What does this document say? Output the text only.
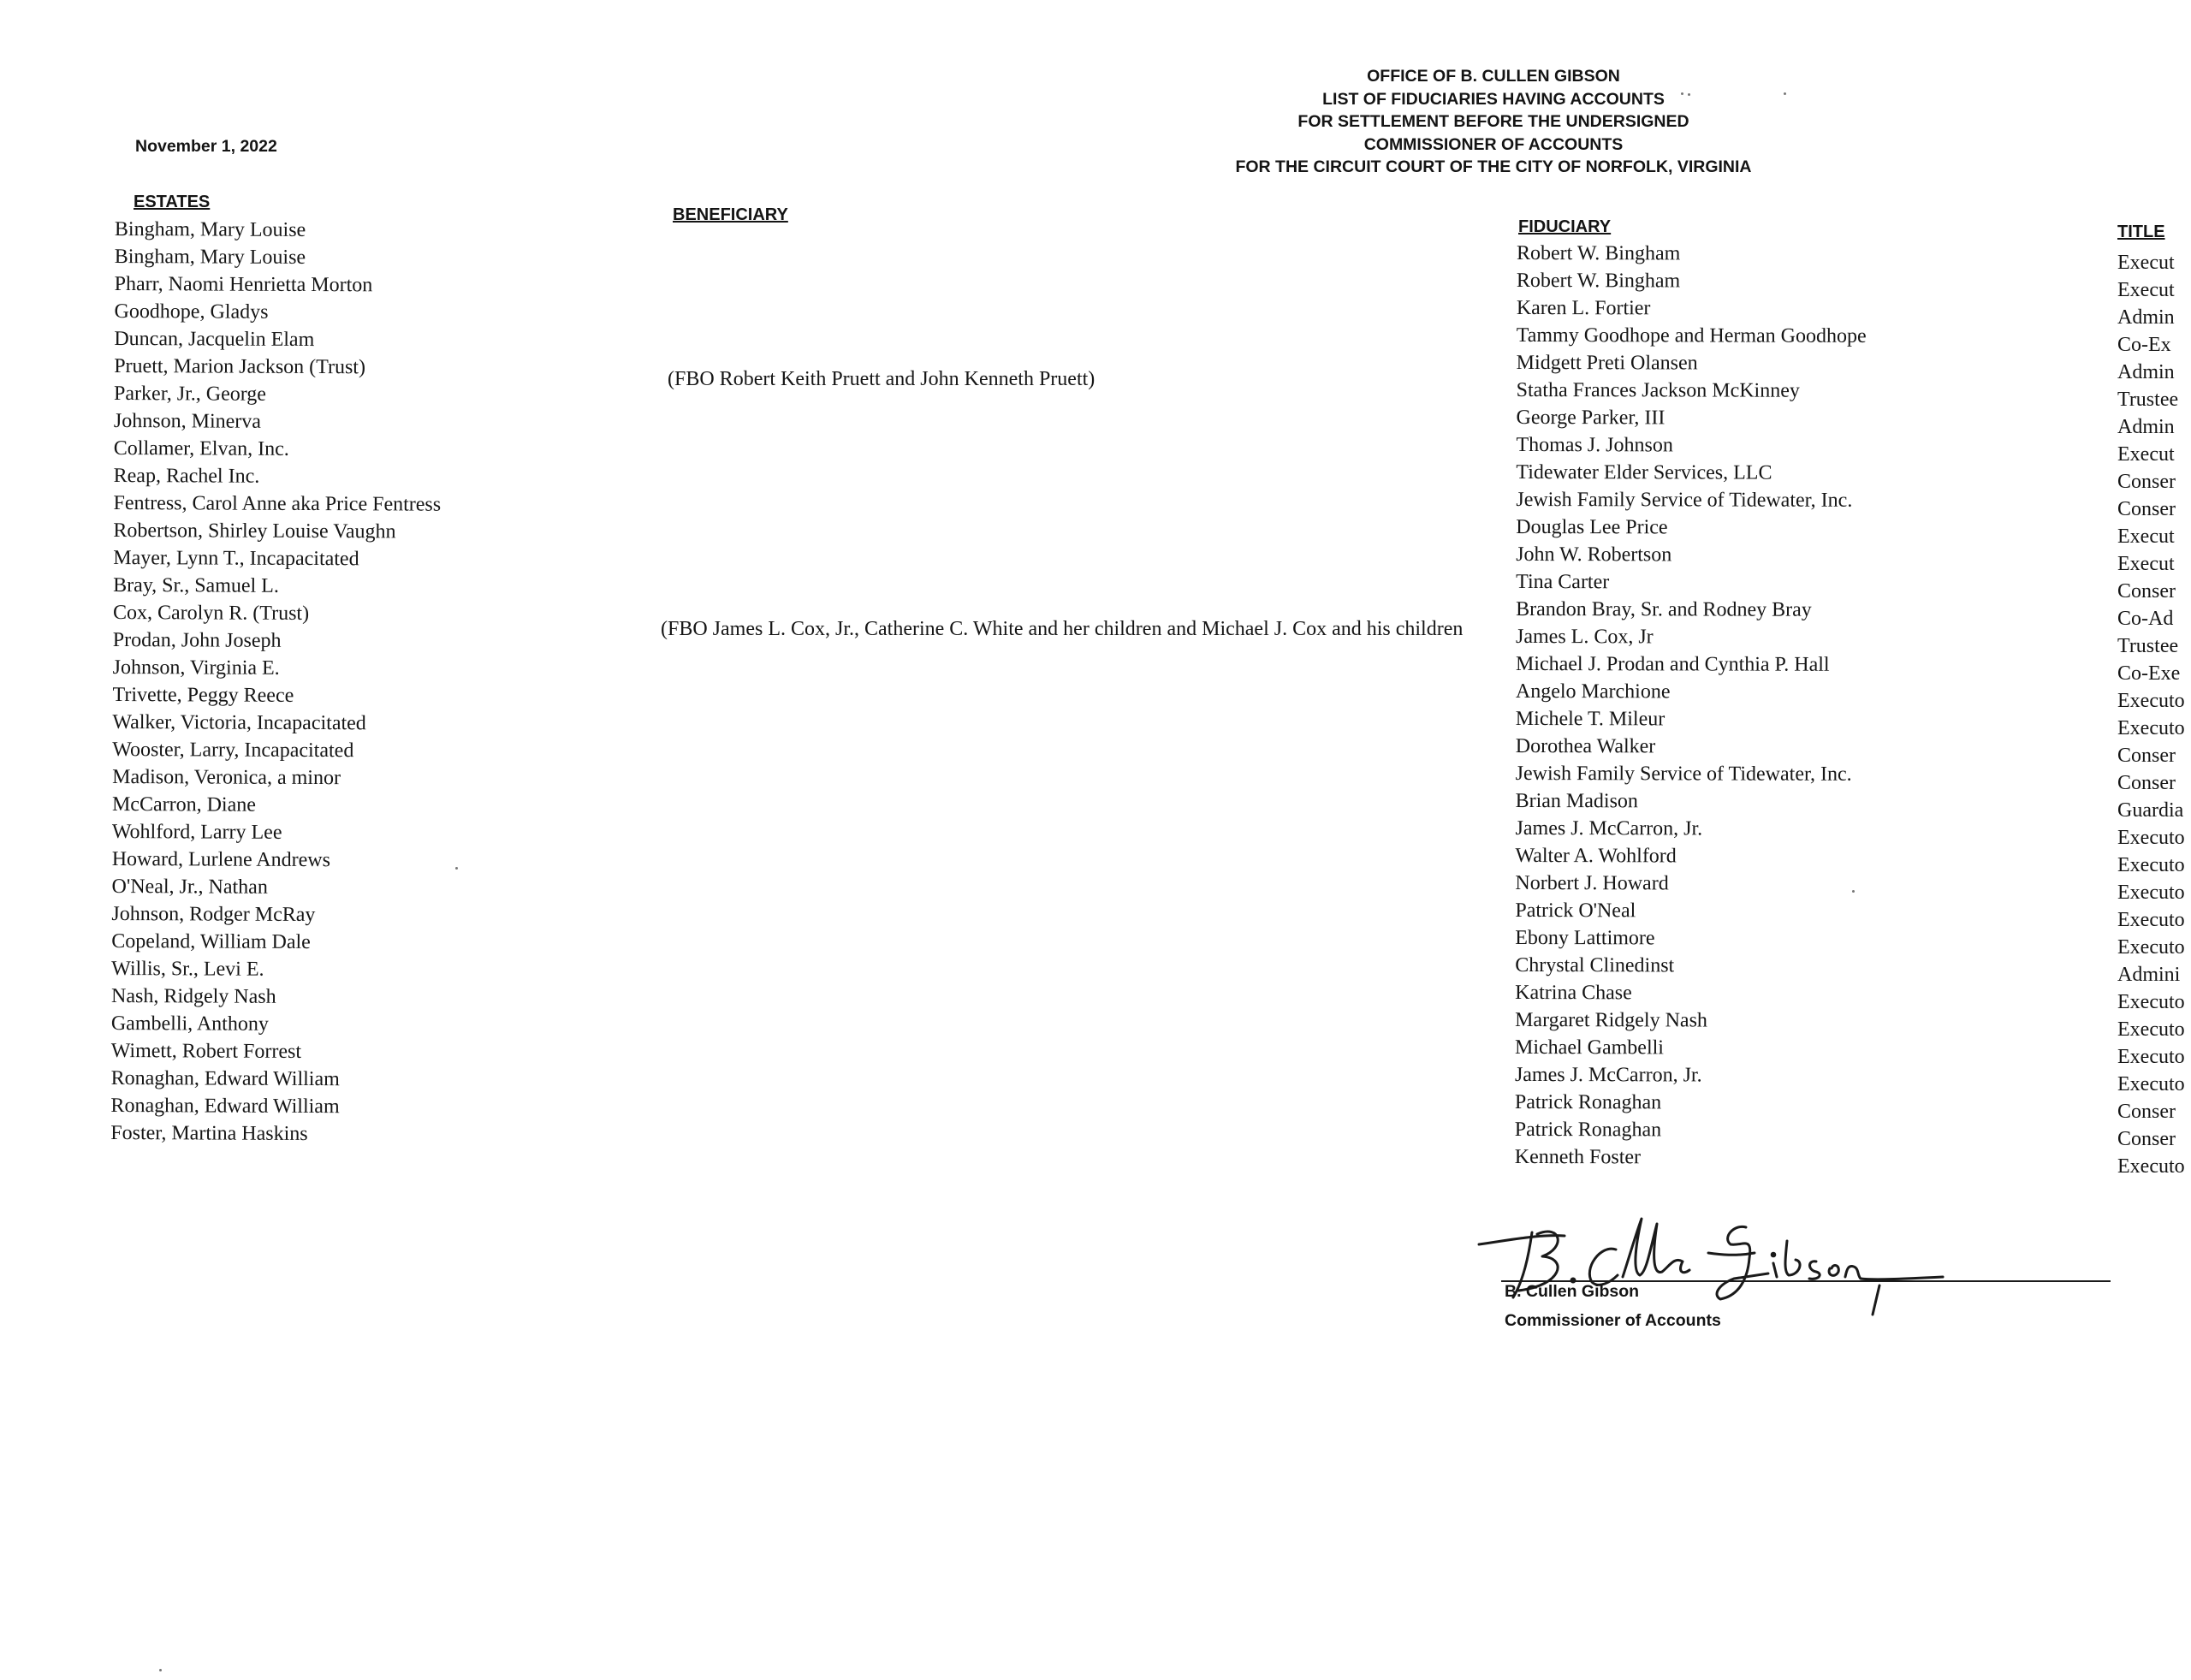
OFFICE OF B. CULLEN GIBSON
LIST OF FIDUCIARIES HAVING ACCOUNTS
FOR SETTLEMENT BEFORE THE UNDERSIGNED
COMMISSIONER OF ACCOUNTS
FOR THE CIRCUIT COURT OF THE CITY OF NORFOLK, VIRGINIA
November 1, 2022
ESTATES
BENEFICIARY
FIDUCIARY	TITLE
Bingham, Mary Louise
Bingham, Mary Louise
Pharr, Naomi Henrietta Morton
Goodhope, Gladys
Duncan, Jacquelin Elam
Pruett, Marion Jackson (Trust)
Parker, Jr., George
Johnson, Minerva
Collamer, Elvan, Inc.
Reap, Rachel Inc.
Fentress, Carol Anne aka Price Fentress
Robertson, Shirley Louise Vaughn
Mayer, Lynn T., Incapacitated
Bray, Sr., Samuel L.
Cox, Carolyn R. (Trust)
Prodan, John Joseph
Johnson, Virginia E.
Trivette, Peggy Reece
Walker, Victoria, Incapacitated
Wooster, Larry, Incapacitated
Madison, Veronica, a minor
McCarron, Diane
Wohlford, Larry Lee
Howard, Lurlene Andrews
O'Neal, Jr., Nathan
Johnson, Rodger McRay
Copeland, William Dale
Willis, Sr., Levi E.
Nash, Ridgely Nash
Gambelli, Anthony
Wimett, Robert Forrest
Ronaghan, Edward William
Ronaghan, Edward William
Foster, Martina Haskins
(FBO Robert Keith Pruett and John Kenneth Pruett)
(FBO James L. Cox, Jr., Catherine C. White and her children and Michael J. Cox and his children
Robert W. Bingham
Robert W. Bingham
Karen L. Fortier
Tammy Goodhope and Herman Goodhope
Midgett Preti Olansen
Statha Frances Jackson McKinney
George Parker, III
Thomas J. Johnson
Tidewater Elder Services, LLC
Jewish Family Service of Tidewater, Inc.
Douglas Lee Price
John W. Robertson
Tina Carter
Brandon Bray, Sr. and Rodney Bray
James L. Cox, Jr
Michael J. Prodan and Cynthia P. Hall
Angelo Marchione
Michele T. Mileur
Dorothea Walker
Jewish Family Service of Tidewater, Inc.
Brian Madison
James J. McCarron, Jr.
Walter A. Wohlford
Norbert J. Howard
Patrick O'Neal
Ebony Lattimore
Chrystal Clinedinst
Katrina Chase
Margaret Ridgely Nash
Michael Gambelli
James J. McCarron, Jr.
Patrick Ronaghan
Patrick Ronaghan
Kenneth Foster
Execut
Execut
Admin
Co-Ex
Admin
Trustee
Admin
Execut
Conser
Conser
Execut
Execut
Conser
Co-Ad
Trustee
Co-Exe
Executo
Executo
Conser
Conser
Guardia
Executo
Executo
Executo
Executo
Executo
Admini
Executo
Executo
Executo
Executo
Conser
Conser
Executo
B. Cullen Gibson
Commissioner of Accounts
